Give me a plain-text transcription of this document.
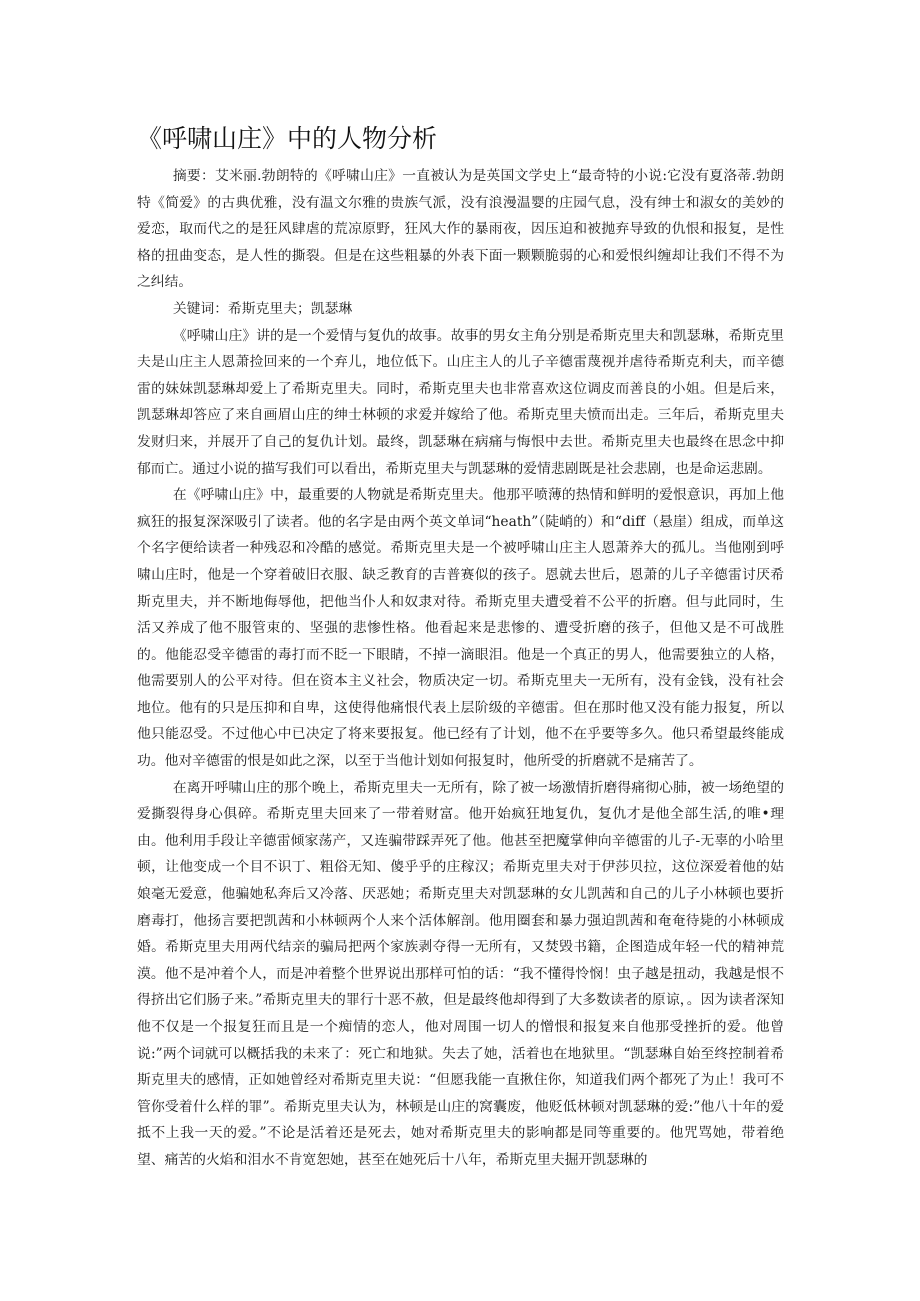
《呼啸山庄》中的人物分析

摘要：艾米丽.勃朗特的《呼啸山庄》一直被认为是英国文学史上“最奇特的小说:它没有夏洛蒂.勃朗特《简爱》的古典优雅，没有温文尔雅的贵族气派，没有浪漫温婴的庄园气息，没有绅士和淑女的美妙的爱恋，取而代之的是狂风肆虐的荒凉原野，狂风大作的暴雨夜，因压迫和被抛弃导致的仇恨和报复，是性格的扭曲变态，是人性的撕裂。但是在这些粗暴的外表下面一颗颗脆弱的心和爱恨纠缠却让我们不得不为之纠结。

关键词：希斯克里夫；凯瑟琳

《呼啸山庄》讲的是一个爱情与复仇的故事。故事的男女主角分别是希斯克里夫和凯瑟琳，希斯克里夫是山庄主人恩萧捡回来的一个弃儿，地位低下。山庄主人的儿子辛德雷蔑视并虐待希斯克利夫，而辛德雷的妹妹凯瑟琳却爱上了希斯克里夫。同时，希斯克里夫也非常喜欢这位调皮而善良的小姐。但是后来，凯瑟琳却答应了来自画眉山庄的绅士林顿的求爱并嫁给了他。希斯克里夫愤而出走。三年后，希斯克里夫发财归来，并展开了自己的复仇计划。最终，凯瑟琳在病痛与悔恨中去世。希斯克里夫也最终在思念中抑郁而亡。通过小说的描写我们可以看出，希斯克里夫与凯瑟琳的爱情悲剧既是社会悲剧，也是命运悲剧。

在《呼啸山庄》中，最重要的人物就是希斯克里夫。他那平喷薄的热情和鲜明的爱恨意识，再加上他疯狂的报复深深吸引了读者。他的名字是由两个英文单词“heath”（陡峭的）和“diff（悬崖）组成，而单这个名字便给读者一种残忍和冷酷的感觉。希斯克里夫是一个被呼啸山庄主人恩萧养大的孤儿。当他刚到呼啸山庄时，他是一个穿着破旧衣服、缺乏教育的吉普赛似的孩子。恩就去世后，恩萧的儿子辛德雷讨厌希斯克里夫，并不断地侮辱他，把他当仆人和奴隶对待。希斯克里夫遭受着不公平的折磨。但与此同时，生活又养成了他不服管束的、坚强的悲惨性格。他看起来是悲惨的、遭受折磨的孩子，但他又是不可战胜的。他能忍受辛德雷的毒打而不眨一下眼睛，不掉一滴眼泪。他是一个真正的男人，他需要独立的人格，他需要别人的公平对待。但在资本主义社会，物质决定一切。希斯克里夫一无所有，没有金钱，没有社会地位。他有的只是压抑和自卑，这使得他痛恨代表上层阶级的辛德雷。但在那时他又没有能力报复，所以他只能忍受。不过他心中已决定了将来要报复。他已经有了计划，他不在乎要等多久。他只希望最终能成功。他对辛德雷的恨是如此之深，以至于当他计划如何报复时，他所受的折磨就不是痛苦了。

在离开呼啸山庄的那个晚上，希斯克里夫一无所有，除了被一场激情折磨得痛彻心肺，被一场绝望的爱撕裂得身心俱碎。希斯克里夫回来了一带着财富。他开始疯狂地复仇，复仇才是他全部生活,的唯•理由。他利用手段让辛德雷倾家荡产，又连骗带踩弄死了他。他甚至把魔掌伸向辛德雷的儿子-无辜的小哈里顿，让他变成一个目不识丁、粗俗无知、傻乎乎的庄稼汉；希斯克里夫对于伊莎贝拉，这位深爱着他的姑娘毫无爱意，他骗她私奔后又冷落、厌恶她；希斯克里夫对凯瑟琳的女儿凯茜和自己的儿子小林顿也要折磨毒打，他扬言要把凯茜和小林顿两个人来个活体解剖。他用圈套和暴力强迫凯茜和奄奄待毙的小林顿成婚。希斯克里夫用两代结亲的骗局把两个家族剥夺得一无所有，又焚毁书籍，企图造成年轻一代的精神荒漠。他不是冲着个人，而是冲着整个世界说出那样可怕的话：“我不懂得怜悯！虫子越是扭动，我越是恨不得挤出它们肠子来。”希斯克里夫的罪行十恶不赦，但是最终他却得到了大多数读者的原谅，。因为读者深知他不仅是一个报复狂而且是一个痴情的恋人，他对周围一切人的憎恨和报复来自他那受挫折的爱。他曾说:”两个词就可以概括我的未来了：死亡和地狱。失去了她，活着也在地狱里。“凯瑟琳自始至终控制着希斯克里夫的感情，正如她曾经对希斯克里夫说：“但愿我能一直揪住你，知道我们两个都死了为止！我可不管你受着什么样的罪”。希斯克里夫认为，林顿是山庄的窝囊废，他贬低林顿对凯瑟琳的爱:”他八十年的爱抵不上我一天的爱。”不论是活着还是死去，她对希斯克里夫的影响都是同等重要的。他咒骂她，带着绝望、痛苦的火焰和泪水不肯宽恕她，甚至在她死后十八年，希斯克里夫掘开凯瑟琳的
